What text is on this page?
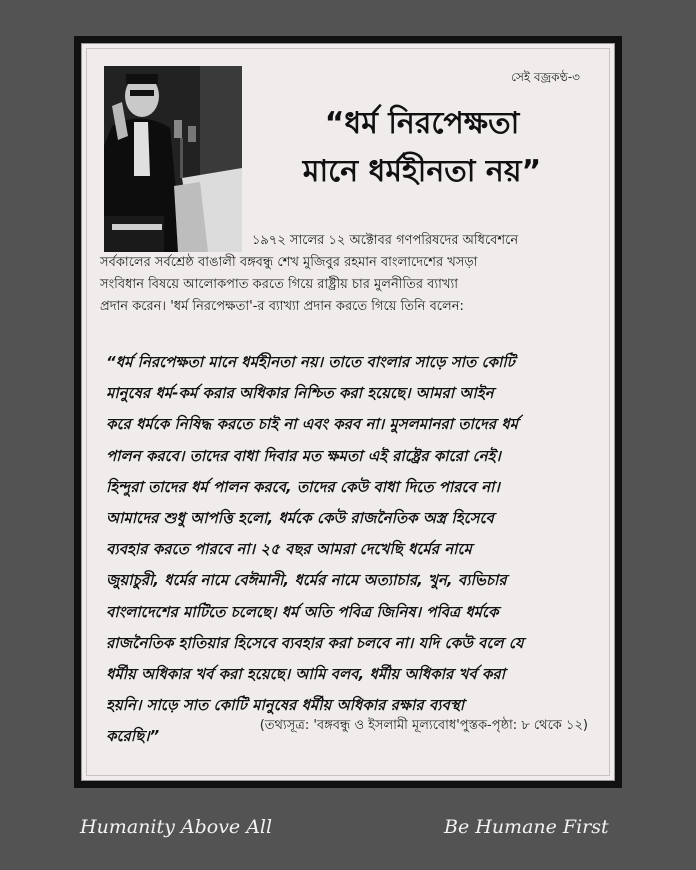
সেই বজ্রকণ্ঠ-৩
“ধর্ম নিরপেক্ষতা
মানে ধর্মহীনতা নয়”
১৯৭২ সালের ১২ অক্টোবর গণপরিষদের অধিবেশনে
সর্বকালের সর্বশ্রেষ্ঠ বাঙালী বঙ্গবন্ধু শেখ মুজিবুর রহমান বাংলাদেশের খসড়া
সংবিধান বিষয়ে আলোকপাত করতে গিয়ে রাষ্ট্রীয় চার মুলনীতির ব্যাখ্যা
প্রদান করেন। 'ধর্ম নিরপেক্ষতা'-র ব্যাখ্যা প্রদান করতে গিয়ে তিনি বলেন:
“ধর্ম নিরপেক্ষতা মানে ধর্মহীনতা নয়। তাতে বাংলার সাড়ে সাত কোটি
মানুষের ধর্ম-কর্ম করার অধিকার নিশ্চিত করা হয়েছে। আমরা আইন
করে ধর্মকে নিষিদ্ধ করতে চাই না এবং করব না। মুসলমানরা তাদের ধর্ম
পালন করবে। তাদের বাধা দিবার মত ক্ষমতা এই রাষ্ট্রের কারো নেই।
হিন্দুরা তাদের ধর্ম পালন করবে, তাদের কেউ বাধা দিতে পারবে না।
আমাদের শুধু আপত্তি হলো, ধর্মকে কেউ রাজনৈতিক অস্ত্র হিসেবে
ব্যবহার করতে পারবে না। ২৫ বছর আমরা দেখেছি ধর্মের নামে
জুয়াচুরী, ধর্মের নামে বেঈমানী, ধর্মের নামে অত্যাচার, খুন, ব্যভিচার
বাংলাদেশের মাটিতে চলেছে। ধর্ম অতি পবিত্র জিনিষ। পবিত্র ধর্মকে
রাজনৈতিক হাতিয়ার হিসেবে ব্যবহার করা চলবে না। যদি কেউ বলে যে
ধর্মীয় অধিকার খর্ব করা হয়েছে। আমি বলব, ধর্মীয় অধিকার খর্ব করা
হয়নি। সাড়ে সাত কোটি মানুষের ধর্মীয় অধিকার রক্ষার ব্যবস্থা
করেছি।”
(তথ্যসূত্র: 'বঙ্গবন্ধু ও ইসলামী মূল্যবোধ'পুস্তক-পৃষ্ঠা: ৮ থেকে ১২)
Humanity Above All	Be Humane First
